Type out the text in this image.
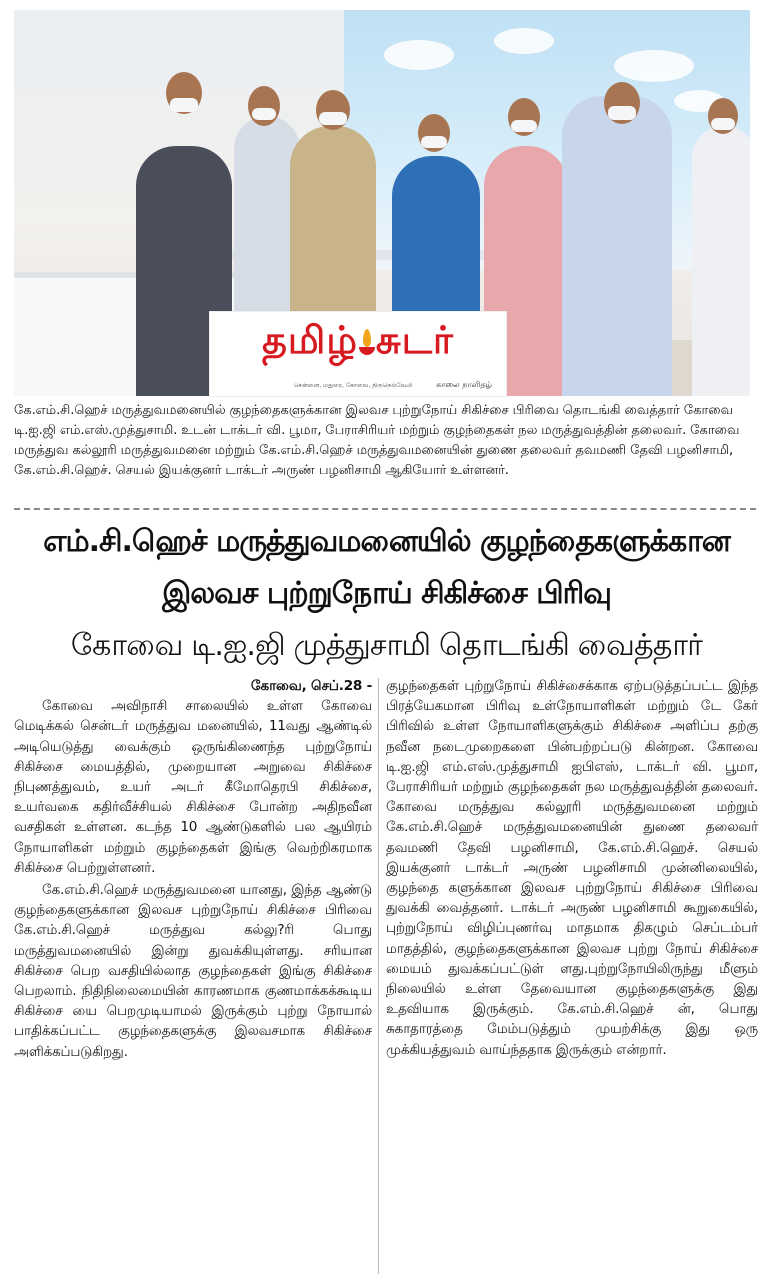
தமிழ் சுடர்
சென்னை, மதுரை, கோவை, திருநெல்வேலி	காலை நாளிதழ்
கே.எம்.சி.ஹெச் மருத்துவமனையில் குழந்தைகளுக்கான இலவச புற்றுநோய் சிகிச்சை பிரிவை தொடங்கி வைத்தார் கோவை டி.ஐ.ஜி எம்.எஸ்.முத்துசாமி. உடன் டாக்டர் வி. பூமா, பேராசிரியர் மற்றும் குழந்தைகள் நல மருத்துவத்தின் தலைவர். கோவை மருத்துவ கல்லூரி மருத்துவமனை மற்றும் கே.எம்.சி.ஹெச் மருத்துவமனையின் துணை தலைவர் தவமணி தேவி பழனிசாமி, கே.எம்.சி.ஹெச். செயல் இயக்குனர் டாக்டர் அருண் பழனிசாமி ஆகியோர் உள்ளனர்.
எம்.சி.ஹெச் மருத்துவமனையில் குழந்தைகளுக்கான
இலவச புற்றுநோய் சிகிச்சை பிரிவு
கோவை டி.ஐ.ஜி முத்துசாமி தொடங்கி வைத்தார்
கோவை, செப்.28 -

கோவை அவிநாசி சாலையில் உள்ள கோவை மெடிக்கல் சென்டர் மருத்துவ மனையில், 11வது ஆண்டில் அடியெடுத்து வைக்கும் ஒருங்கிணைந்த புற்றுநோய் சிகிச்சை மையத்தில், முறையான அறுவை சிகிச்சை நிபுணத்துவம், உயர் அடர் கீமோதெரபி சிகிச்சை, உயர்வகை கதிர்வீச்சியல் சிகிச்சை போன்ற அதிநவீன வசதிகள் உள்ளன. கடந்த 10 ஆண்டுகளில் பல ஆயிரம் நோயாளிகள் மற்றும் குழந்தைகள் இங்கு வெற்றிகரமாக சிகிச்சை பெற்றுள்ளனர்.

கே.எம்.சி.ஹெச் மருத்துவமனை யானது, இந்த ஆண்டு குழந்தைகளுக்கான இலவச புற்றுநோய் சிகிச்சை பிரிவை கே.எம்.சி.ஹெச் மருத்துவ கல்லு?ரி பொது மருத்துவமனையில் இன்று துவக்கியுள்ளது. சரியான சிகிச்சை பெற வசதியில்லாத குழந்தைகள் இங்கு சிகிச்சை பெறலாம். நிதிநிலைமையின் காரணமாக குணமாக்கக்கூடிய சிகிச்சை யை பெறமுடியாமல் இருக்கும் புற்று நோயால் பாதிக்கப்பட்ட குழந்தைகளுக்கு இலவசமாக சிகிச்சை அளிக்கப்படுகிறது.

குழந்தைகள் புற்றுநோய் சிகிச்சைக்காக ஏற்படுத்தப்பட்ட இந்த பிரத்யேகமான பிரிவு உள்நோயாளிகள் மற்றும் டே கேர் பிரிவில் உள்ள நோயாளிகளுக்கும் சிகிச்சை அளிப்ப தற்கு நவீன நடைமுறைகளை பின்பற்றப்படு கின்றன. கோவை டி.ஐ.ஜி எம்.எஸ்.முத்துசாமி ஐபிஎஸ், டாக்டர் வி. பூமா, பேராசிரியர் மற்றும் குழந்தைகள் நல மருத்துவத்தின் தலைவர். கோவை மருத்துவ கல்லூரி மருத்துவமனை மற்றும் கே.எம்.சி.ஹெச் மருத்துவமனையின் துணை தலைவர் தவமணி தேவி பழனிசாமி, கே.எம்.சி.ஹெச். செயல் இயக்குனர் டாக்டர் அருண் பழனிசாமி முன்னிலையில், குழந்தை களுக்கான இலவச புற்றுநோய் சிகிச்சை பிரிவை துவக்கி வைத்தனர். டாக்டர் அருண் பழனிசாமி கூறுகையில், புற்றுநோய் விழிப்புணர்வு மாதமாக திகழும் செப்டம்பர் மாதத்தில், குழந்தைகளுக்கான இலவச புற்று நோய் சிகிச்சை மையம் துவக்கப்பட்டுள் ளது.புற்றுநோயிலிருந்து மீளும் நிலையில் உள்ள தேவையான குழந்தைகளுக்கு இது உதவியாக இருக்கும். கே.எம்.சி.ஹெச் ன், பொது சுகாதாரத்தை மேம்படுத்தும் முயற்சிக்கு இது ஒரு முக்கியத்துவம் வாய்ந்ததாக இருக்கும் என்றார்.
